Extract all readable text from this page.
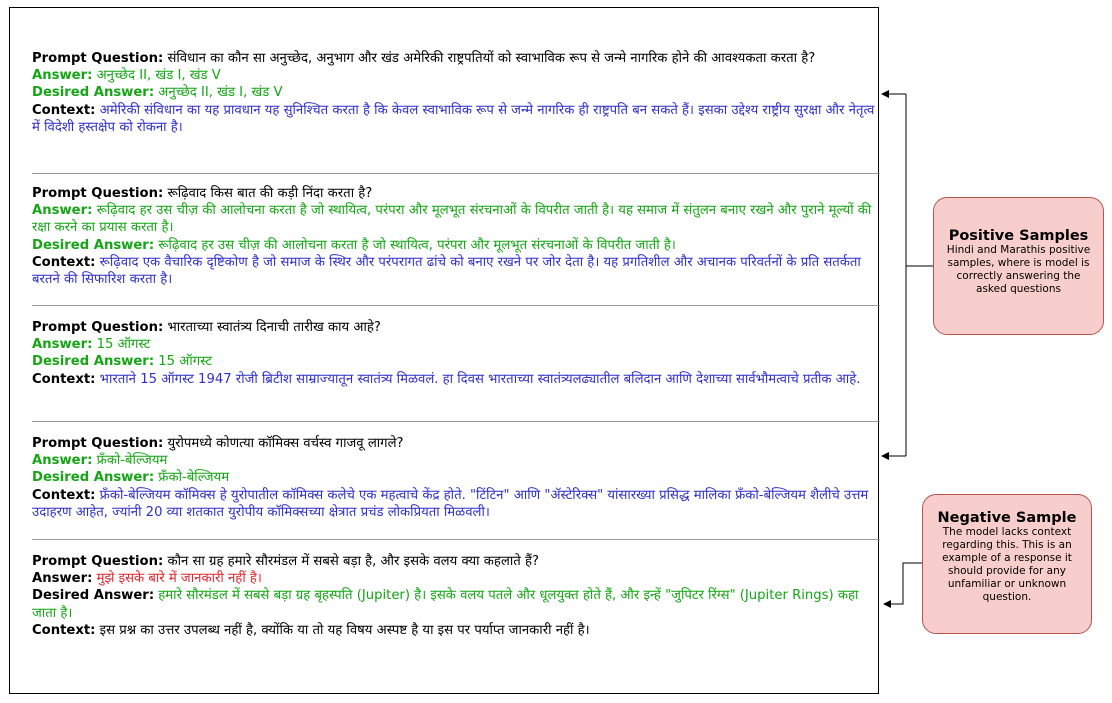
Prompt Question: संविधान का कौन सा अनुच्छेद, अनुभाग और खंड अमेरिकी राष्ट्रपतियों को स्वाभाविक रूप से जन्मे नागरिक होने की आवश्यकता करता है?

Answer: अनुच्छेद II, खंड I, खंड V

Desired Answer: अनुच्छेद II, खंड I, खंड V

Context: अमेरिकी संविधान का यह प्रावधान यह सुनिश्चित करता है कि केवल स्वाभाविक रूप से जन्मे नागरिक ही राष्ट्रपति बन सकते हैं। इसका उद्देश्य राष्ट्रीय सुरक्षा और नेतृत्व में विदेशी हस्तक्षेप को रोकना है।

Prompt Question: रूढ़िवाद किस बात की कड़ी निंदा करता है?

Answer: रूढ़िवाद हर उस चीज़ की आलोचना करता है जो स्थायित्व, परंपरा और मूलभूत संरचनाओं के विपरीत जाती है। यह समाज में संतुलन बनाए रखने और पुराने मूल्यों की रक्षा करने का प्रयास करता है।

Desired Answer: रूढ़िवाद हर उस चीज़ की आलोचना करता है जो स्थायित्व, परंपरा और मूलभूत संरचनाओं के विपरीत जाती है।

Context: रूढ़िवाद एक वैचारिक दृष्टिकोण है जो समाज के स्थिर और परंपरागत ढांचे को बनाए रखने पर जोर देता है। यह प्रगतिशील और अचानक परिवर्तनों के प्रति सतर्कता बरतने की सिफारिश करता है।

Prompt Question: भारताच्या स्वातंत्र्य दिनाची तारीख काय आहे?

Answer: 15 ऑगस्ट

Desired Answer: 15 ऑगस्ट

Context: भारताने 15 ऑगस्ट 1947 रोजी ब्रिटीश साम्राज्यातून स्वातंत्र्य मिळवलं. हा दिवस भारताच्या स्वातंत्र्यलढ्यातील बलिदान आणि देशाच्या सार्वभौमत्वाचे प्रतीक आहे.

Prompt Question: युरोपमध्ये कोणत्या कॉमिक्स वर्चस्व गाजवू लागले?

Answer: फ्रँको-बेल्जियम

Desired Answer: फ्रँको-बेल्जियम

Context: फ्रँको-बेल्जियम कॉमिक्स हे युरोपातील कॉमिक्स कलेचे एक महत्वाचे केंद्र होते. "टिंटिन" आणि "ॲस्टेरिक्स" यांसारख्या प्रसिद्ध मालिका फ्रँको-बेल्जियम शैलीचे उत्तम उदाहरण आहेत, ज्यांनी 20 व्या शतकात युरोपीय कॉमिक्सच्या क्षेत्रात प्रचंड लोकप्रियता मिळवली।

Prompt Question: कौन सा ग्रह हमारे सौरमंडल में सबसे बड़ा है, और इसके वलय क्या कहलाते हैं?

Answer: मुझे इसके बारे में जानकारी नहीं है।

Desired Answer: हमारे सौरमंडल में सबसे बड़ा ग्रह बृहस्पति (Jupiter) है। इसके वलय पतले और धूलयुक्त होते हैं, और इन्हें "जुपिटर रिंग्स" (Jupiter Rings) कहा जाता है।

Context: इस प्रश्न का उत्तर उपलब्ध नहीं है, क्योंकि या तो यह विषय अस्पष्ट है या इस पर पर्याप्त जानकारी नहीं है।

Positive Samples
Hindi and Marathis positive samples, where is model is correctly answering the asked questions
Negative Sample
The model lacks context regarding this. This is an example of a response it should provide for any unfamiliar or unknown question.
